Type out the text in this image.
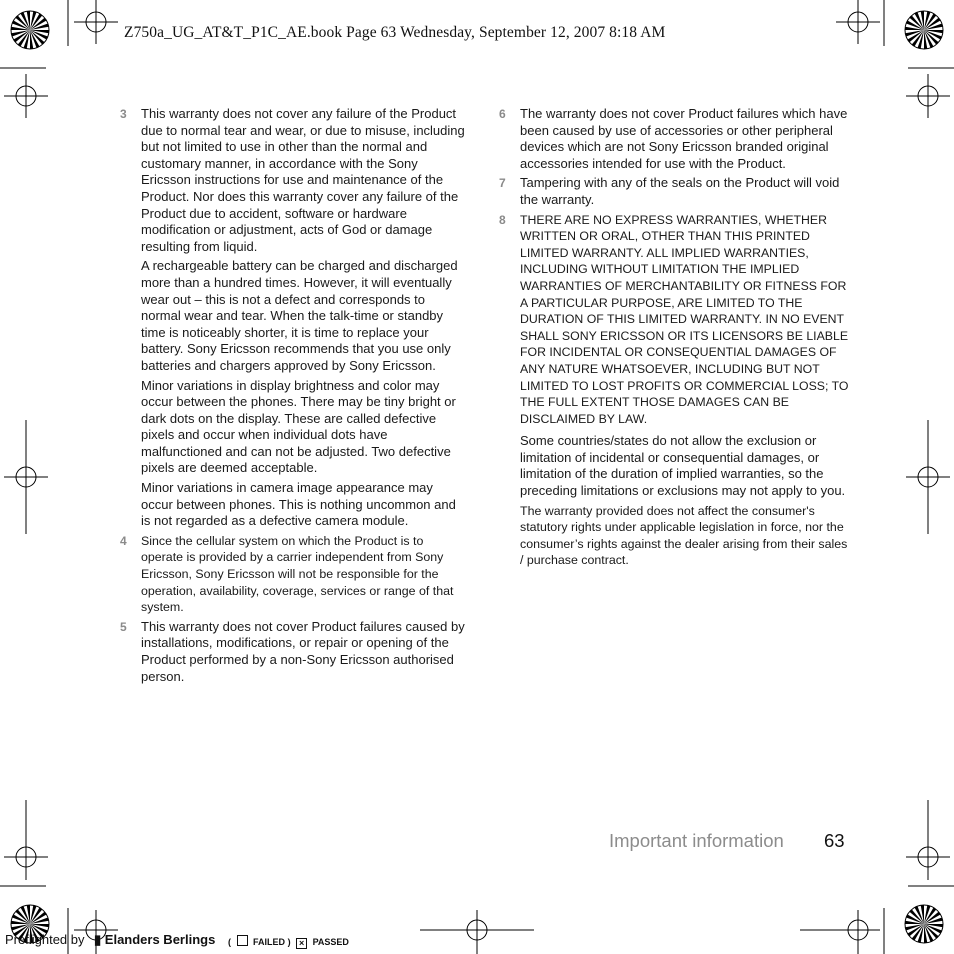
Z750a_UG_AT&T_P1C_AE.book Page 63 Wednesday, September 12, 2007 8:18 AM
3	This warranty does not cover any failure of the Product due to normal tear and wear, or due to misuse, including but not limited to use in other than the normal and customary manner, in accordance with the Sony Ericsson instructions for use and maintenance of the Product. Nor does this warranty cover any failure of the Product due to accident, software or hardware modification or adjustment, acts of God or damage resulting from liquid.

A rechargeable battery can be charged and discharged more than a hundred times. However, it will eventually wear out – this is not a defect and corresponds to normal wear and tear. When the talk-time or standby time is noticeably shorter, it is time to replace your battery. Sony Ericsson recommends that you use only batteries and chargers approved by Sony Ericsson.

Minor variations in display brightness and color may occur between the phones. There may be tiny bright or dark dots on the display. These are called defective pixels and occur when individual dots have malfunctioned and can not be adjusted. Two defective pixels are deemed acceptable.

Minor variations in camera image appearance may occur between phones. This is nothing uncommon and is not regarded as a defective camera module.

4	Since the cellular system on which the Product is to operate is provided by a carrier independent from Sony Ericsson, Sony Ericsson will not be responsible for the operation, availability, coverage, services or range of that system.

5	This warranty does not cover Product failures caused by installations, modifications, or repair or opening of the Product performed by a non-Sony Ericsson authorised person.

6	The warranty does not cover Product failures which have been caused by use of accessories or other peripheral devices which are not Sony Ericsson branded original accessories intended for use with the Product.

7	Tampering with any of the seals on the Product will void the warranty.

8	THERE ARE NO EXPRESS WARRANTIES, WHETHER WRITTEN OR ORAL, OTHER THAN THIS PRINTED LIMITED WARRANTY. ALL IMPLIED WARRANTIES, INCLUDING WITHOUT LIMITATION THE IMPLIED WARRANTIES OF MERCHANTABILITY OR FITNESS FOR A PARTICULAR PURPOSE, ARE LIMITED TO THE DURATION OF THIS LIMITED WARRANTY. IN NO EVENT SHALL SONY ERICSSON OR ITS LICENSORS BE LIABLE FOR INCIDENTAL OR CONSEQUENTIAL DAMAGES OF ANY NATURE WHATSOEVER, INCLUDING BUT NOT LIMITED TO LOST PROFITS OR COMMERCIAL LOSS; TO THE FULL EXTENT THOSE DAMAGES CAN BE DISCLAIMED BY LAW.

Some countries/states do not allow the exclusion or limitation of incidental or consequential damages, or limitation of the duration of implied warranties, so the preceding limitations or exclusions may not apply to you.

The warranty provided does not affect the consumer's statutory rights under applicable legislation in force, nor the consumer’s rights against the dealer arising from their sales / purchase contract.

Important information 63
Preflighted by ▮ Elanders Berlings ( FAILED ) × PASSED
